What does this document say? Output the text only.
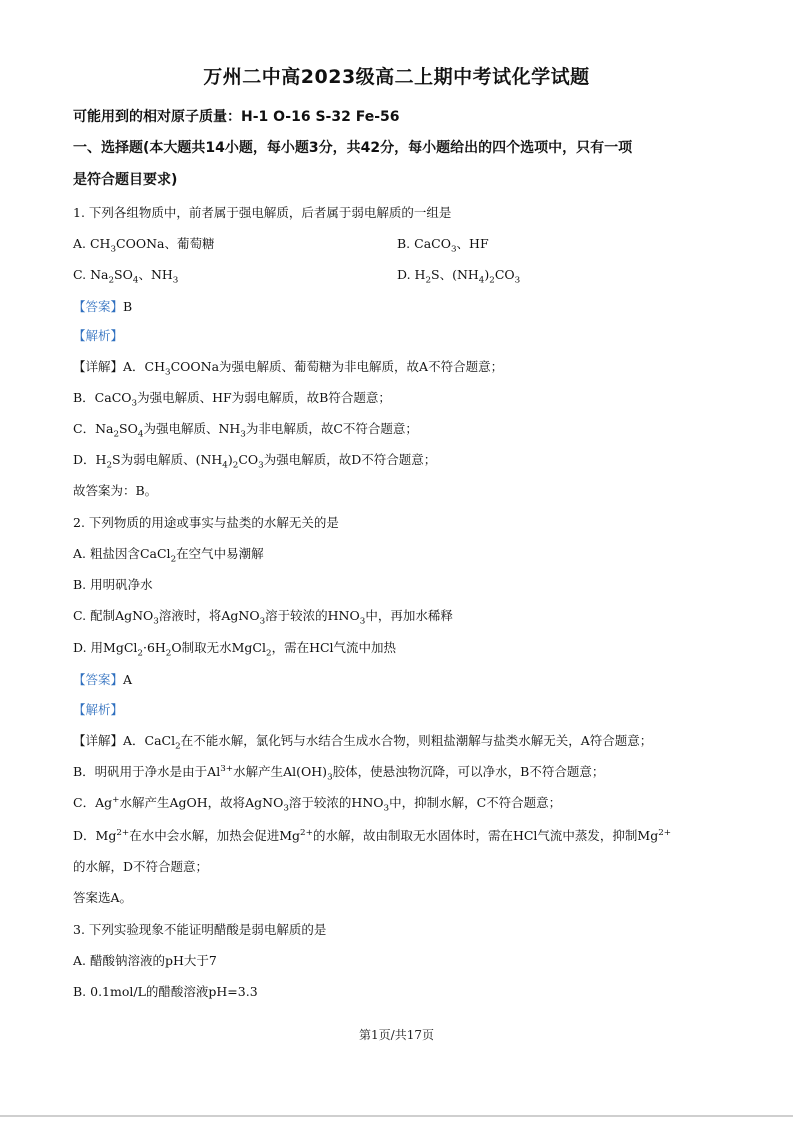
万州二中高2023级高二上期中考试化学试题
可能用到的相对原子质量：H-1 O-16 S-32 Fe-56
一、选择题(本大题共14小题，每小题3分，共42分，每小题给出的四个选项中，只有一项
是符合题目要求)
1. 下列各组物质中，前者属于强电解质，后者属于弱电解质的一组是
A. $CH_3COONa$、葡萄糖	B. CaCO$_3$、HF
C. $Na_2SO_4$、$NH_3$	D. $H_2S$、$(NH_4)_2CO_3$
【答案】B
【解析】
【详解】A．$CH_3COONa$为强电解质、葡萄糖为非电解质，故A不符合题意；
B．CaCO$_3$为强电解质、HF为弱电解质，故B符合题意；
C．$Na_2SO_4$为强电解质、$NH_3$为非电解质，故C不符合题意；
D．$H_2S$为弱电解质、$(NH_4)_2CO_3$为强电解质，故D不符合题意；
故答案为：B。
2. 下列物质的用途或事实与盐类的水解无关的是
A. 粗盐因含CaCl$_2$在空气中易潮解
B. 用明矾净水
C. 配制AgNO$_3$溶液时，将AgNO$_3$溶于较浓的$HNO_3$中，再加水稀释
D. 用$MgCl_2\cdot 6H_2O$制取无水MgCl$_2$，需在HCl气流中加热
【答案】A
【解析】
【详解】A．CaCl$_2$在不能水解，氯化钙与水结合生成水合物，则粗盐潮解与盐类水解无关，A符合题意；
B．明矾用于净水是由于$Al^{3+}$水解产生$Al(OH)_3$胶体，使悬浊物沉降，可以净水，B不符合题意；
C．Ag+水解产生AgOH，故将AgNO$_3$溶于较浓的$HNO_3$中，抑制水解，C不符合题意；
D．$Mg^{2+}$在水中会水解，加热会促进$Mg^{2+}$的水解，故由制取无水固体时，需在HCl气流中蒸发，抑制$Mg^{2+}$
的水解，D不符合题意；
答案选A。
3. 下列实验现象不能证明醋酸是弱电解质的是
A. 醋酸钠溶液的pH大于7
B. 0.1mol/L的醋酸溶液pH=3.3
第1页/共17页
